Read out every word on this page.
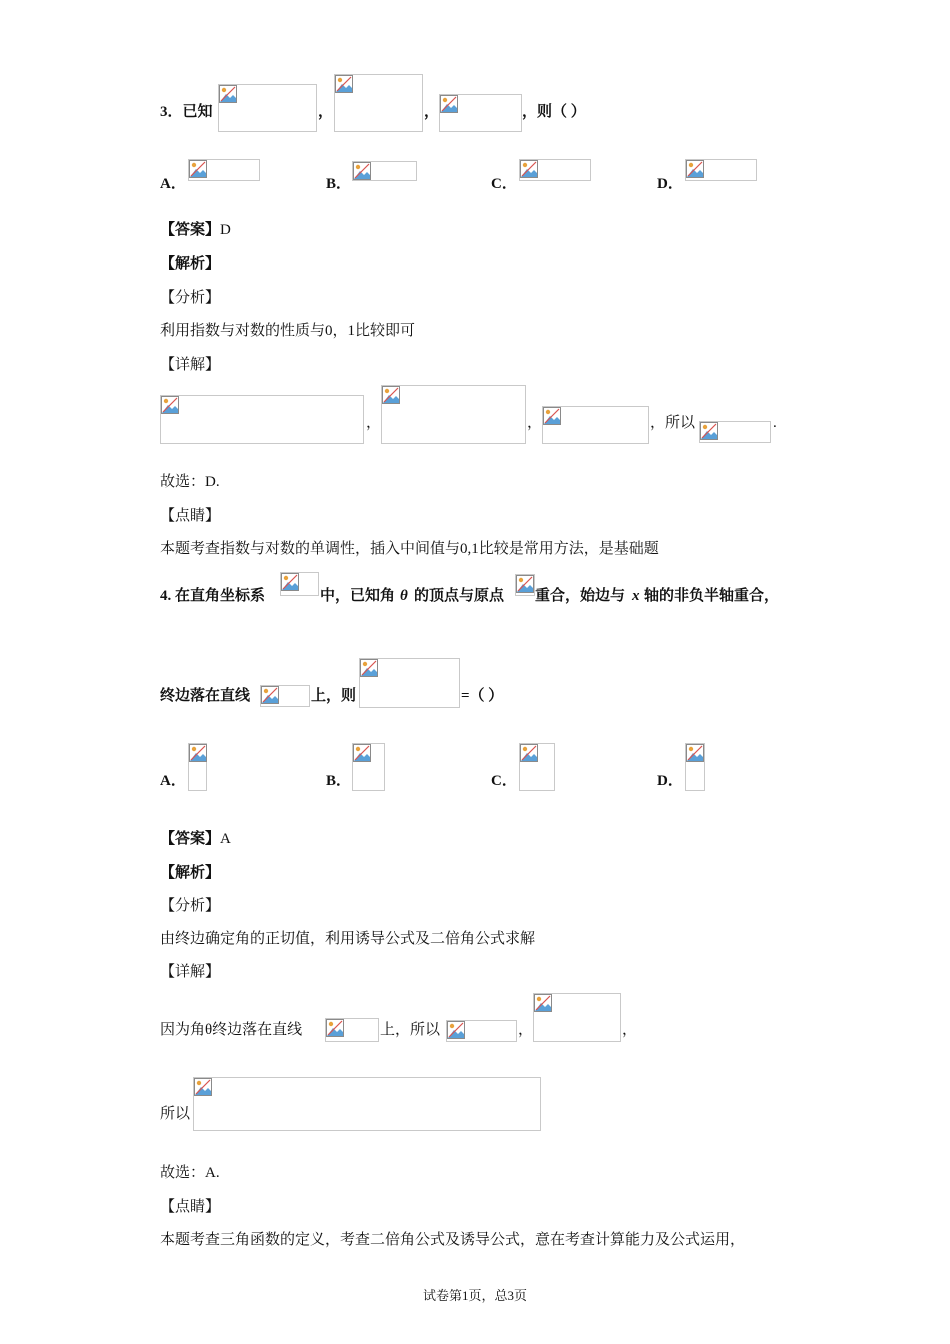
3．已知	，	，	，则（ ）
A．	B．	C．	D．
【答案】D
【解析】
【分析】
利用指数与对数的性质与0，1比较即可
【详解】
，	，	，所以	.
故选：D.
【点睛】
本题考查指数与对数的单调性，插入中间值与0,1比较是常用方法，是基础题
4. 在直角坐标系	中，已知角 θ 的顶点与原点 重合，始边与 x 轴的非负半轴重合，
终边落在直线	上，则	=（ ）
A．	B．	C．	D．
【答案】A
【解析】
【分析】
由终边确定角的正切值，利用诱导公式及二倍角公式求解
【详解】
因为角θ终边落在直线	上，所以	，	，
所以
故选：A.
【点睛】
本题考查三角函数的定义，考查二倍角公式及诱导公式，意在考查计算能力及公式运用，
试卷第1页，总3页
